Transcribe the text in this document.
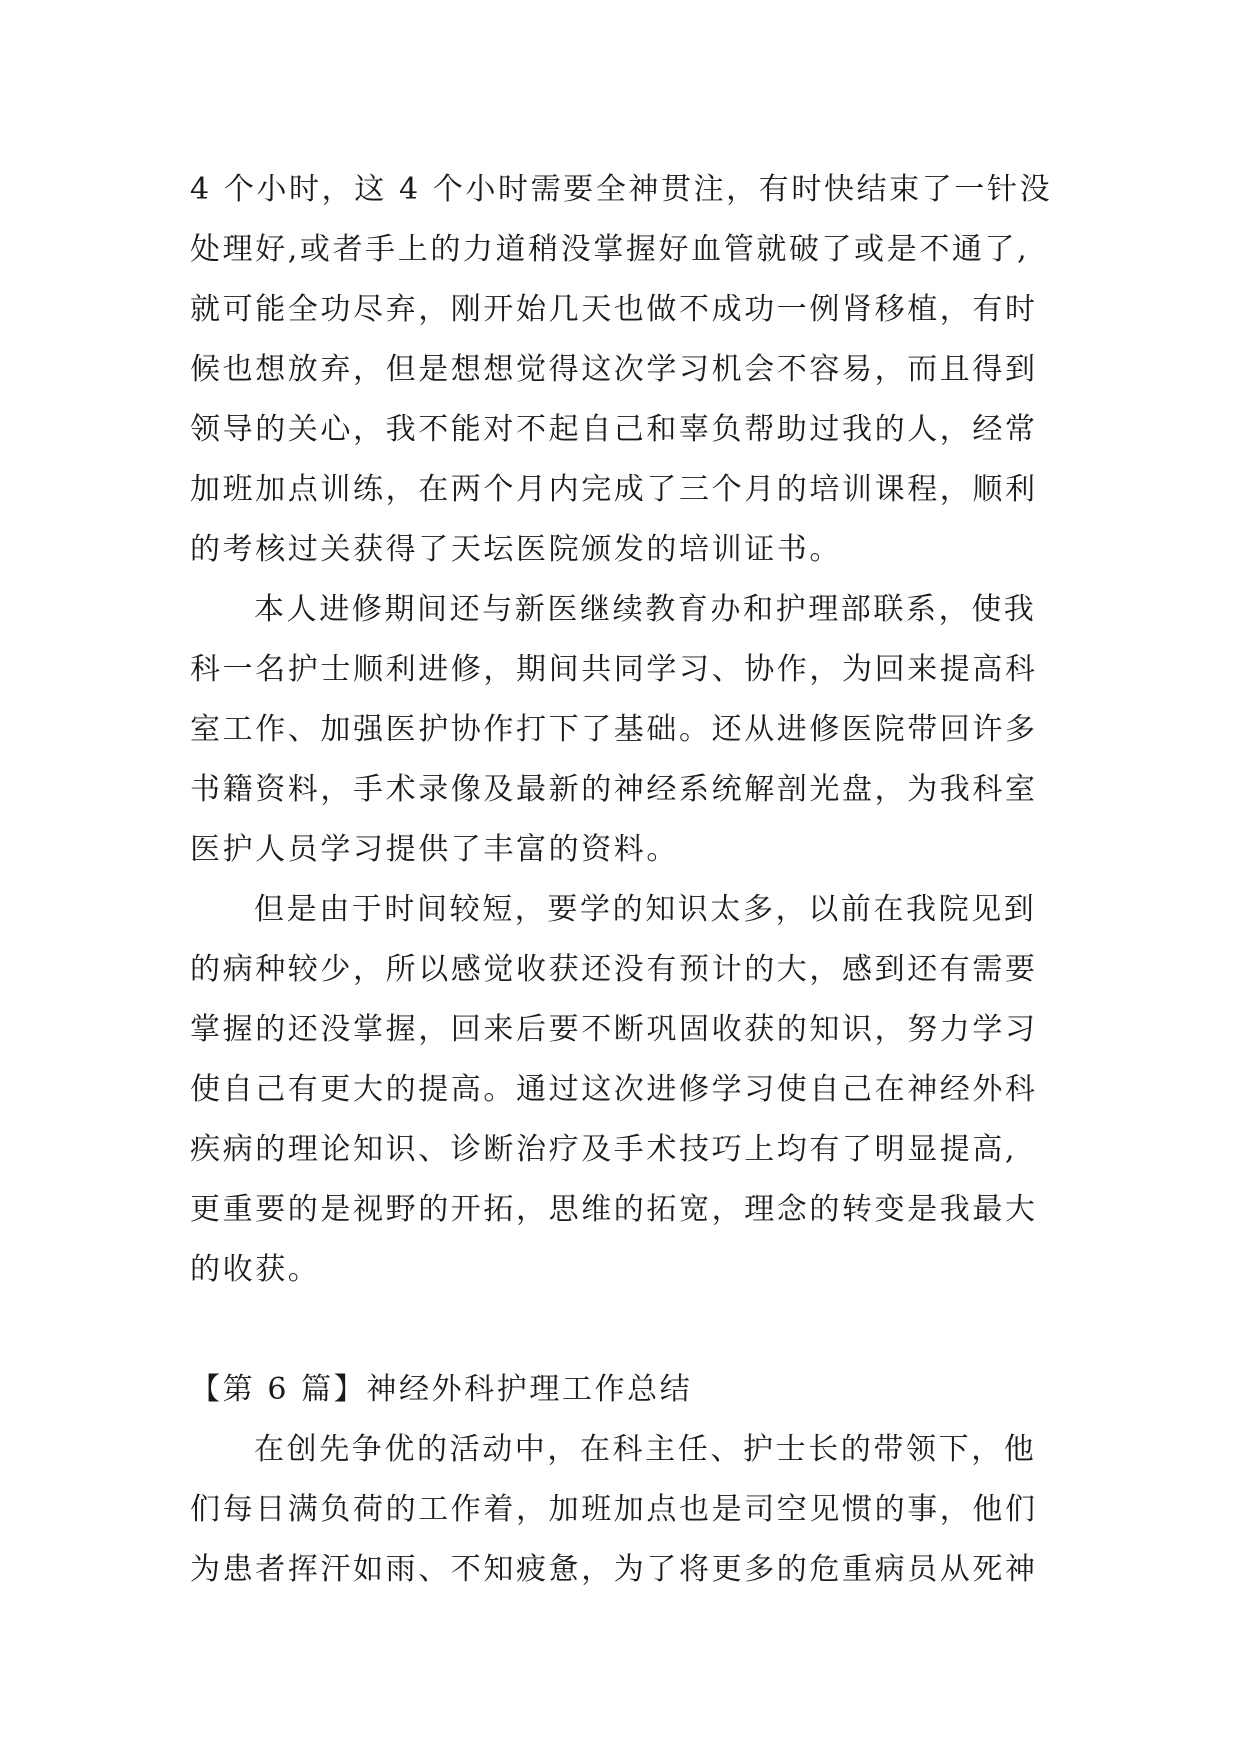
4 个小时，这 4 个小时需要全神贯注，有时快结束了一针没
处理好,或者手上的力道稍没掌握好血管就破了或是不通了,
就可能全功尽弃，刚开始几天也做不成功一例肾移植，有时
候也想放弃，但是想想觉得这次学习机会不容易，而且得到
领导的关心，我不能对不起自己和辜负帮助过我的人，经常
加班加点训练，在两个月内完成了三个月的培训课程，顺利
的考核过关获得了天坛医院颁发的培训证书。
本人进修期间还与新医继续教育办和护理部联系，使我
科一名护士顺利进修，期间共同学习、协作，为回来提高科
室工作、加强医护协作打下了基础。还从进修医院带回许多
书籍资料，手术录像及最新的神经系统解剖光盘，为我科室
医护人员学习提供了丰富的资料。
但是由于时间较短，要学的知识太多，以前在我院见到
的病种较少，所以感觉收获还没有预计的大，感到还有需要
掌握的还没掌握，回来后要不断巩固收获的知识，努力学习
使自己有更大的提高。通过这次进修学习使自己在神经外科
疾病的理论知识、诊断治疗及手术技巧上均有了明显提高,
更重要的是视野的开拓，思维的拓宽，理念的转变是我最大
的收获。
【第 6 篇】神经外科护理工作总结
在创先争优的活动中，在科主任、护士长的带领下，他
们每日满负荷的工作着，加班加点也是司空见惯的事，他们
为患者挥汗如雨、不知疲惫，为了将更多的危重病员从死神
